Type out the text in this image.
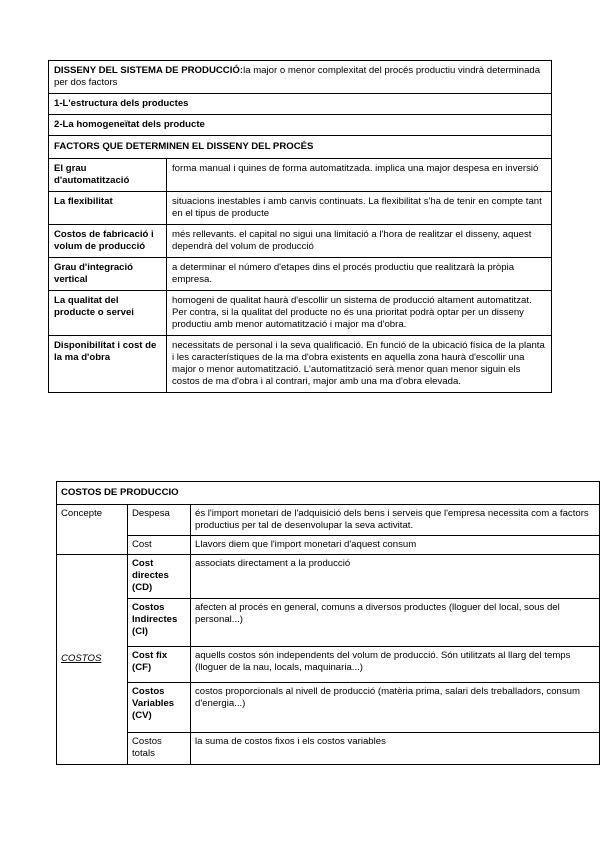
DISSENY DEL SISTEMA DE PRODUCCIÓ:la major o menor complexitat del procés productiu vindrà determinada per dos factors	
1-L'estructura dels productes	
2-La homogeneïtat dels producte	
FACTORS QUE DETERMINEN EL DISSENY DEL PROCÉS	
El grau d'automatització	forma manual i quines de forma automatitzada. implica una major despesa en inversió
La flexibilitat	situacions inestables i amb canvis continuats. La flexibilitat s'ha de tenir en compte tant en el tipus de producte
Costos de fabricació i volum de producció	més rellevants. el capital no sigui una limitació a l'hora de realitzar el disseny, aquest dependrà del volum de producció
Grau d'integració vertical	a determinar el número d'etapes dins el procés productiu que realitzarà la pròpia empresa.
La qualitat del producte o servei	homogeni de qualitat haurà d'escollir un sistema de producció altament automatitzat. Per contra, si la qualitat del producte no és una prioritat podrà optar per un disseny productiu amb menor automatització i major ma d'obra.
Disponibilitat i cost de la ma d'obra	necessitats de personal i la seva qualificació. En funció de la ubicació física de la planta i les característiques de la ma d'obra existents en aquella zona haurà d'escollir una major o menor automatització. L'automatització serà menor quan menor siguin els costos de ma d'obra i al contrari, major amb una ma d'obra elevada.
COSTOS DE PRODUCCIO		
Concepte	Despesa	és l'import monetari de l'adquisició dels bens i serveis que l'empresa necessita com a factors productius per tal de desenvolupar la seva activitat.
	Cost	Llavors diem que l'import monetari d'aquest consum
COSTOS	Cost directes (CD)	associats directament a la producció
	Costos Indirectes (CI)	afecten al procés en general, comuns a diversos productes (lloguer del local, sous del personal...)
	Cost fix (CF)	aquells costos són independents del volum de producció. Són utilitzats al llarg del temps (lloguer de la nau, locals, maquinaria...)
	Costos Variables (CV)	costos proporcionals al nivell de producció (matèria prima, salari dels treballadors, consum d'energia...)
	Costos totals	la suma de costos fixos i els costos variables
